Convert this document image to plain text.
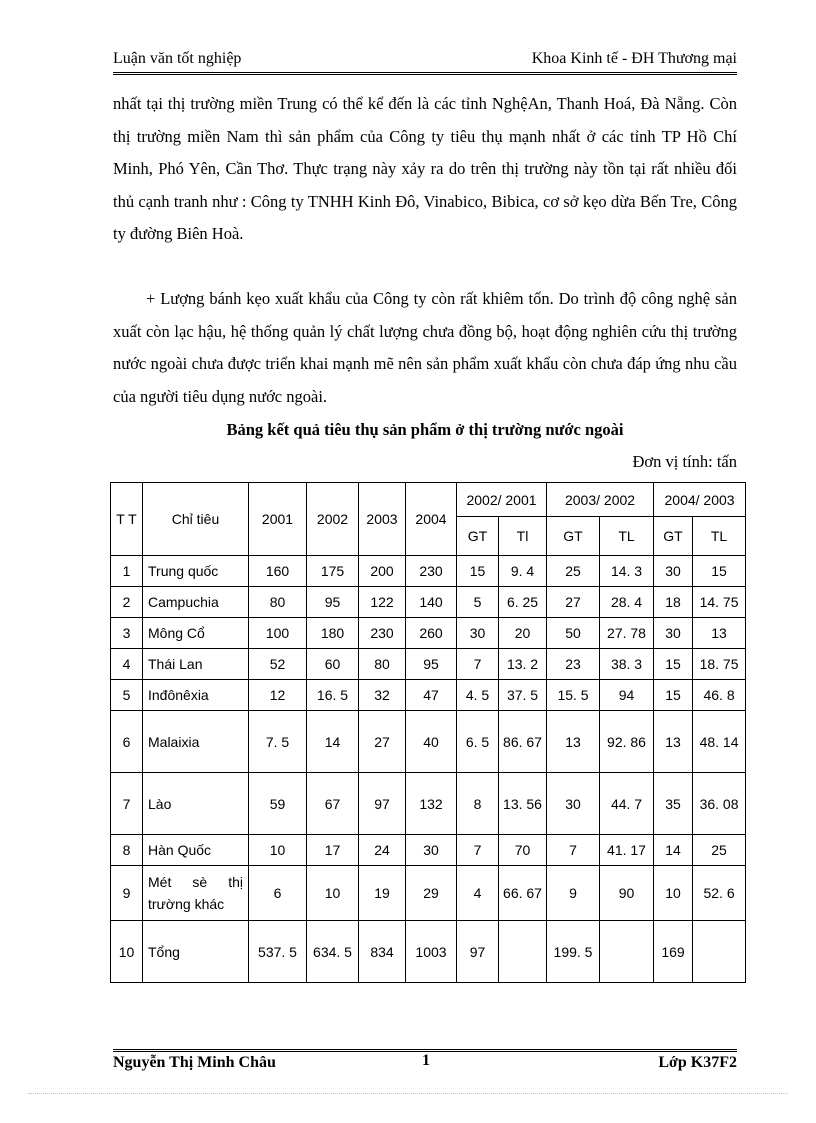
Luận văn tốt nghiệp	Khoa Kinh tế - ĐH Thương mại

nhất tại thị trường miền Trung có thể kể đến là các tỉnh NghệAn, Thanh Hoá, Đà Nẵng. Còn thị trường miền Nam thì sản phẩm của Công ty tiêu thụ mạnh nhất ở các tỉnh TP Hồ Chí Minh, Phó Yên, Cần Thơ. Thực trạng này xảy ra do trên thị trường này tồn tại rất nhiều đối thủ cạnh tranh như : Công ty TNHH Kinh Đô, Vinabico, Bibica, cơ sở kẹo dừa Bến Tre, Công ty đường Biên Hoà.

+ Lượng bánh kẹo xuất khẩu của Công ty còn rất khiêm tốn. Do trình độ công nghệ sản xuất còn lạc hậu, hệ thống quản lý chất lượng chưa đồng bộ, hoạt động nghiên cứu thị trường nước ngoài chưa được triển khai mạnh mẽ nên sản phẩm xuất khẩu còn chưa đáp ứng nhu cầu của người tiêu dụng nước ngoài.

Bảng kết quả tiêu thụ sản phẩm ở thị trường nước ngoài
Đơn vị tính: tấn
T T	Chỉ tiêu	2001	2002	2003	2004	2002/ 2001		2003/ 2002		2004/ 2003	
						GT	Tl	GT	TL	GT	TL
1	Trung quốc	160	175	200	230	15	9. 4	25	14. 3	30	15
2	Campuchia	80	95	122	140	5	6. 25	27	28. 4	18	14. 75
3	Mông Cổ	100	180	230	260	30	20	50	27. 78	30	13
4	Thái Lan	52	60	80	95	7	13. 2	23	38. 3	15	18. 75
5	Inđônêxia	12	16. 5	32	47	4. 5	37. 5	15. 5	94	15	46. 8
6	Malaixia	7. 5	14	27	40	6. 5	86. 67	13	92. 86	13	48. 14
7	Lào	59	67	97	132	8	13. 56	30	44. 7	35	36. 08
8	Hàn Quốc	10	17	24	30	7	70	7	41. 17	14	25
9	Mét sè thị trường khác	6	10	19	29	4	66. 67	9	90	10	52. 6
10	Tổng	537. 5	634. 5	834	1003	97		199. 5		169	
Nguyễn Thị Minh Châu	1	Lớp K37F2
